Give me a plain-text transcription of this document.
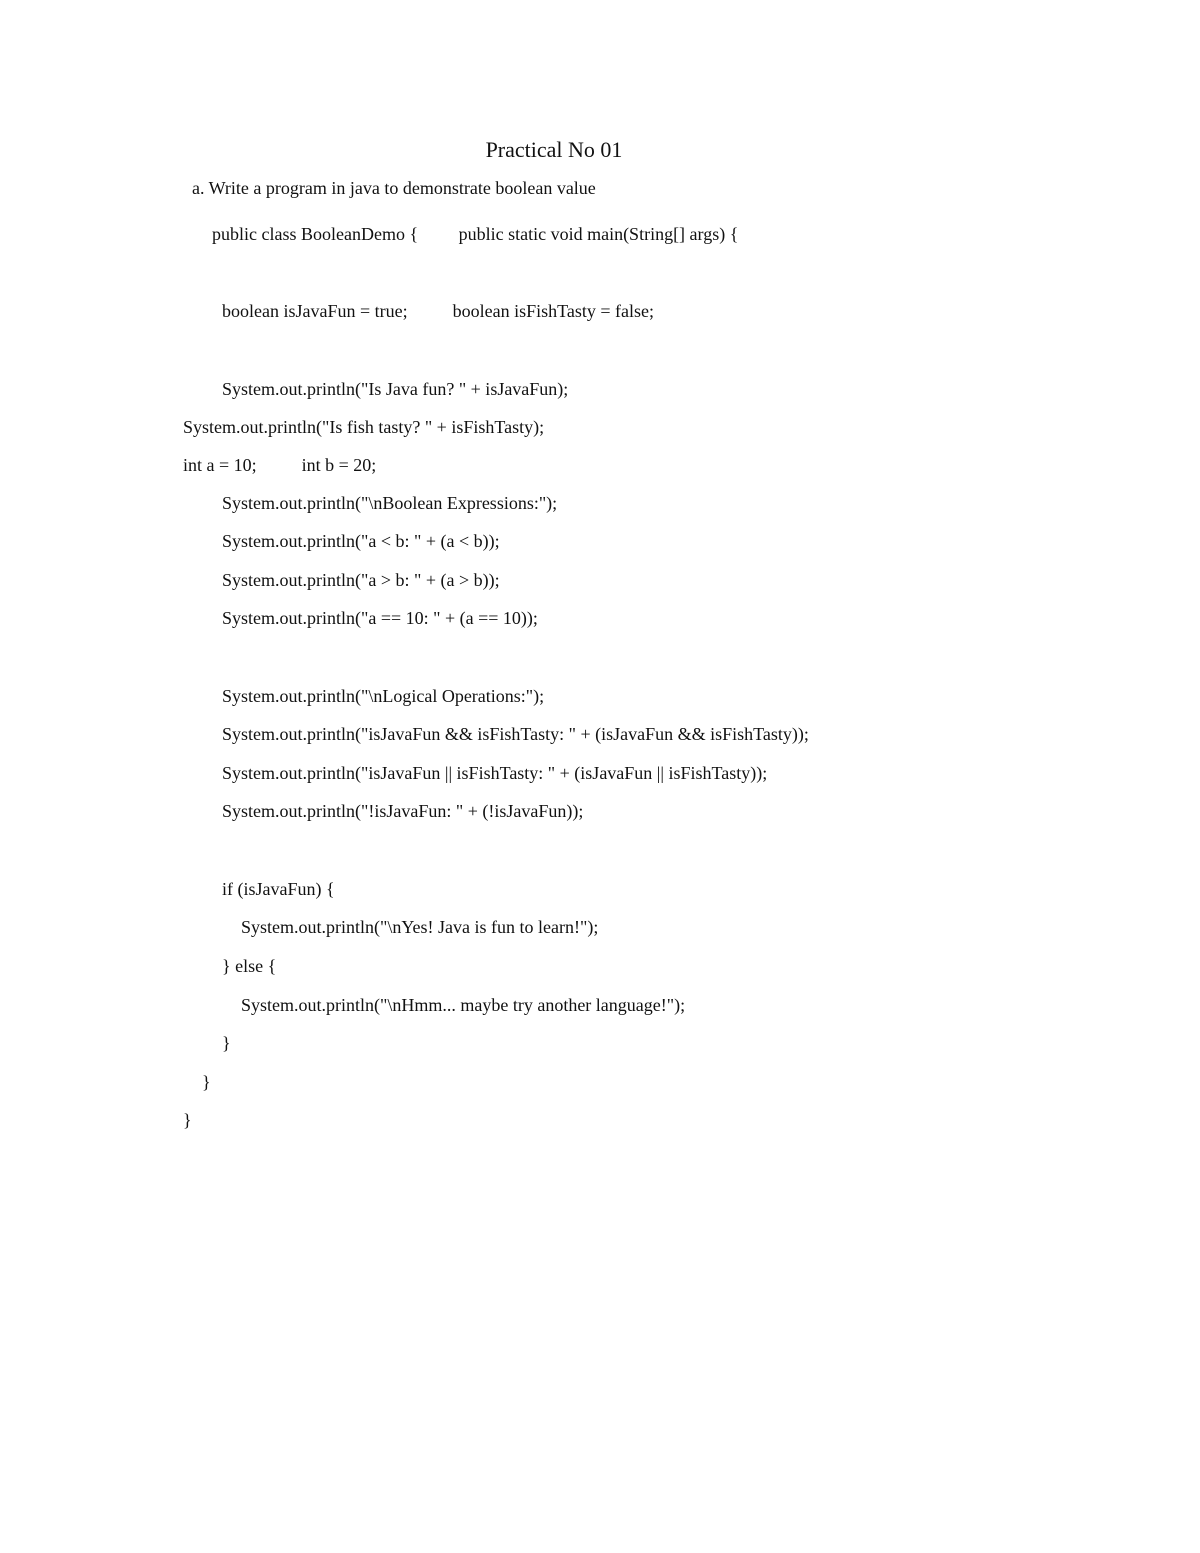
Practical No 01
a. Write a program in java to demonstrate boolean value
public class BooleanDemo {         public static void main(String[] args) {
boolean isJavaFun = true;          boolean isFishTasty = false;
System.out.println("Is Java fun? " + isJavaFun);
System.out.println("Is fish tasty? " + isFishTasty);
int a = 10;          int b = 20;
System.out.println("\nBoolean Expressions:");
System.out.println("a < b: " + (a < b));
System.out.println("a > b: " + (a > b));
System.out.println("a == 10: " + (a == 10));
System.out.println("\nLogical Operations:");
System.out.println("isJavaFun && isFishTasty: " + (isJavaFun && isFishTasty));
System.out.println("isJavaFun || isFishTasty: " + (isJavaFun || isFishTasty));
System.out.println("!isJavaFun: " + (!isJavaFun));
if (isJavaFun) {
System.out.println("\nYes! Java is fun to learn!");
} else {
System.out.println("\nHmm... maybe try another language!");
}
}
}
